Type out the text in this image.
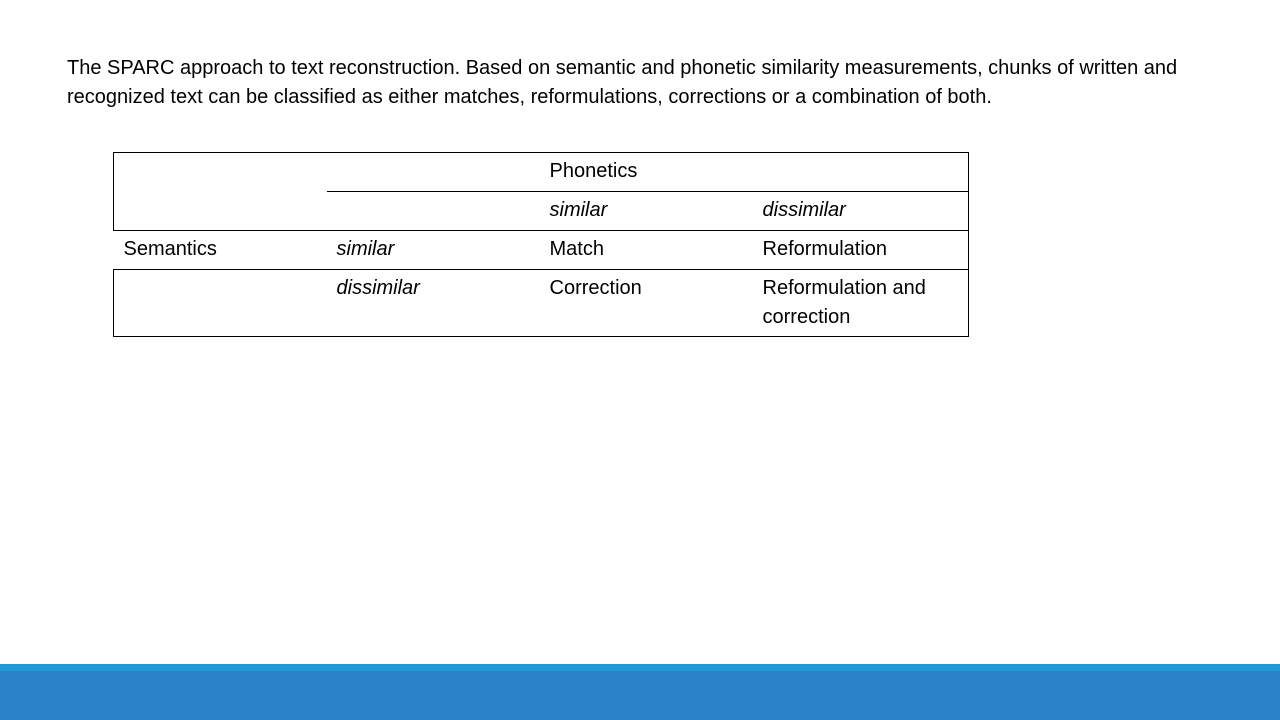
The SPARC approach to text reconstruction. Based on semantic and phonetic similarity measurements, chunks of written and recognized text can be classified as either matches, reformulations, corrections or a combination of both.

		Phonetics	
		similar	dissimilar
Semantics	similar	Match	Reformulation
	dissimilar	Correction	Reformulation and correction
